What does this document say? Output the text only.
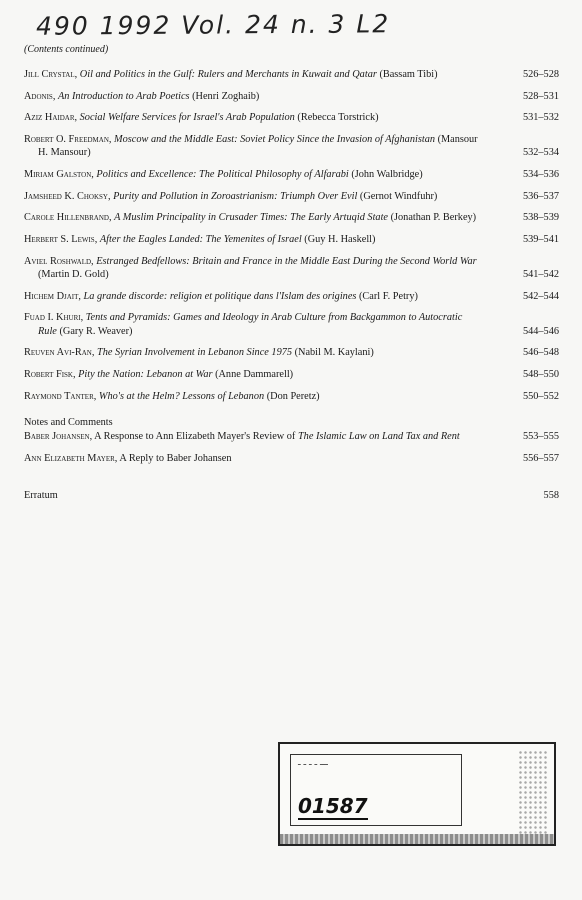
490 1992 Vol. 24 n. 3 L2
(Contents continued)
Jill Crystal, Oil and Politics in the Gulf: Rulers and Merchants in Kuwait and Qatar (Bassam Tibi)	526–528
Adonis, An Introduction to Arab Poetics (Henri Zoghaib)	528–531
Aziz Haidar, Social Welfare Services for Israel's Arab Population (Rebecca Torstrick)	531–532
Robert O. Freedman, Moscow and the Middle East: Soviet Policy Since the Invasion of Afghanistan (Mansour H. Mansour)	532–534
Miriam Galston, Politics and Excellence: The Political Philosophy of Alfarabi (John Walbridge)	534–536
Jamsheed K. Choksy, Purity and Pollution in Zoroastrianism: Triumph Over Evil (Gernot Windfuhr)	536–537
Carole Hillenbrand, A Muslim Principality in Crusader Times: The Early Artuqid State (Jonathan P. Berkey)	538–539
Herbert S. Lewis, After the Eagles Landed: The Yemenites of Israel (Guy H. Haskell)	539–541
Aviel Roshwald, Estranged Bedfellows: Britain and France in the Middle East During the Second World War (Martin D. Gold)	541–542
Hichem Djait, La grande discorde: religion et politique dans l'Islam des origines (Carl F. Petry)	542–544
Fuad I. Khuri, Tents and Pyramids: Games and Ideology in Arab Culture from Backgammon to Autocratic Rule (Gary R. Weaver)	544–546
Reuven Avi-Ran, The Syrian Involvement in Lebanon Since 1975 (Nabil M. Kaylani)	546–548
Robert Fisk, Pity the Nation: Lebanon at War (Anne Dammarell)	548–550
Raymond Tanter, Who's at the Helm? Lessons of Lebanon (Don Peretz)	550–552
Notes and Comments
Baber Johansen, A Response to Ann Elizabeth Mayer's Review of The Islamic Law on Land Tax and Rent	553–555
Ann Elizabeth Mayer, A Reply to Baber Johansen	556–557
Erratum	558
ـــ ـ ـ ـ ـ
01587
